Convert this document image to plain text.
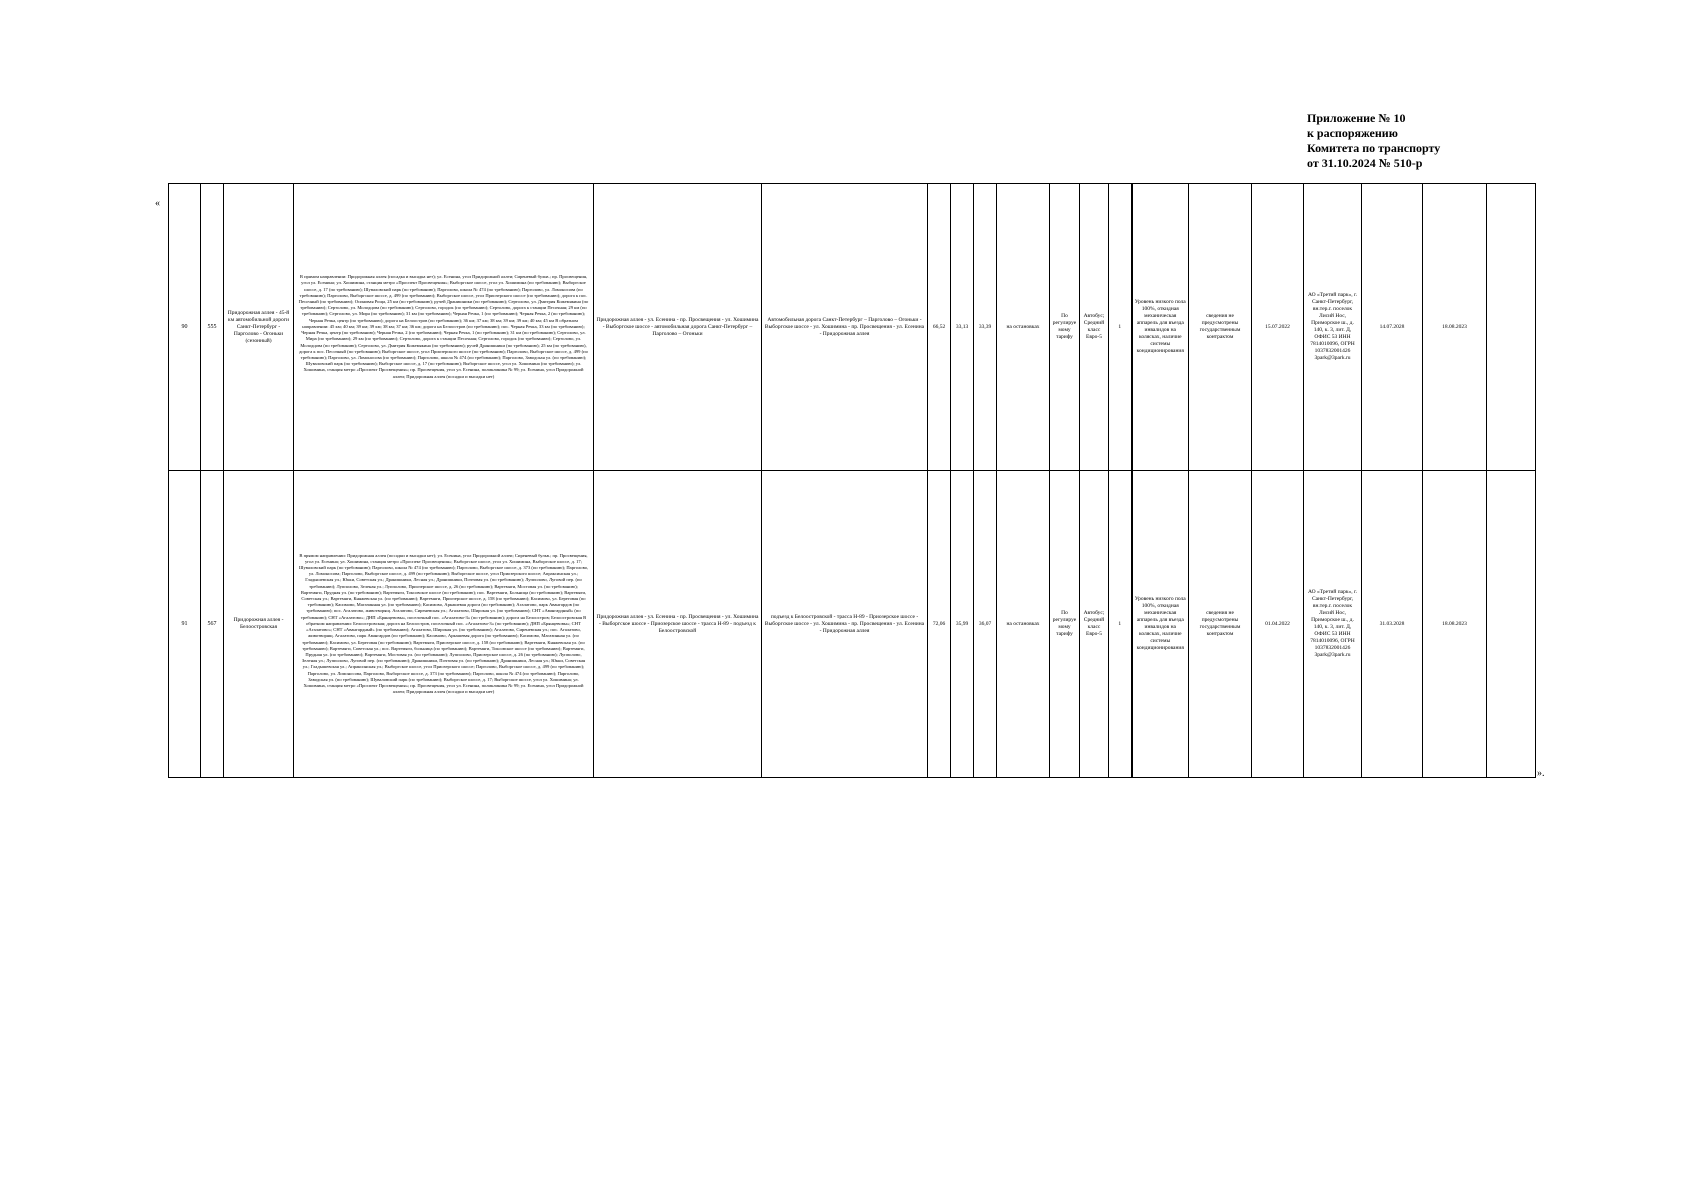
Приложение № 10
к распоряжению
Комитета по транспорту
от 31.10.2024 № 510-р
«
90	555	Придорожная аллея - 45-й км автомобильной дороги Санкт-Петербург - Парголово - Огоньки (сезонный)	В прямом направлении: Придорожная аллея (посадка и высадка нет); ул. Есенина, угол Придорожной аллеи; Сиреневый бульв.; пр. Просвещения, угол ул. Есенина; ул. Хошимина, станция метро «Проспект Просвещения»; Выборгское шоссе, угол ул. Хошимина (по требованию); Выборгское шоссе, д. 17 (по требованию); Шуваловский парк (по требованию); Парголово, школа № 474 (по требованию); Парголово, ул. Ломоносова (по требованию); Парголово, Выборгское шоссе, д. 499 (по требованию); Выборгское шоссе, угол Приозерского шоссе (по требованию); дорога к пос. Песочный (по требованию); Осиновая Роща, 25 км (по требованию); ручей Дранишники (по требованию); Сертолово, ул. Дмитрия Кожемякина (по требованию); Сертолово, ул. Молодцова (по требованию); Сертолово, городок (по требованию); Сертолово, дорога к станции Песочная; 29 км (по требованию); Сертолово, ул. Мира (по требованию); 31 км (по требованию); Черная Речка, 1 (по требованию); Черная Речка, 2 (по требованию); Черная Речка, центр (по требованию); дорога на Белоостров (по требованию); 36 км; 37 км; 38 км; 39 км; 39 км; 40 км; 45 км В обратном направлении: 45 км; 40 км; 39 км; 39 км; 38 км; 37 км; 36 км; дорога на Белоостров (по требованию); пос. Черная Речка, 33 км (по требованию); Черная Речка, центр (по требованию); Черная Речка, 2 (по требованию); Черная Речка, 1 (по требованию); 31 км (по требованию); Сертолово, ул. Мира (по требованию); 29 км (по требованию); Сертолово, дорога к станции Песочная; Сертолово, городок (по требованию); Сертолово, ул. Молодцова (по требованию); Сертолово, ул. Дмитрия Кожемякина (по требованию); ручей Дранишники (по требованию); 25 км (по требованию), дорога к пос. Песочный (по требованию); Выборгское шоссе, угол Приозерского шоссе (по требованию); Парголово, Выборгское шоссе, д. 499 (по требованию); Парголово, ул. Ломоносова (по требованию); Парголово, школа № 474 (по требованию); Парголово, Заводская ул. (по требованию); Шуваловский парк (по требованию); Выборгское шоссе, д. 17 (по требованию); Выборгское шоссе, угол ул. Хошимина (по требованию); ул. Хошимина, станция метро «Проспект Просвещения»; пр. Просвещения, угол ул. Есенина, поликлиника № 99; ул. Есенина, угол Придорожной аллеи; Придорожная аллея (посадки и высадки нет)	Придорожная аллея - ул. Есенина - пр. Просвещения - ул. Хошимина - Выборгское шоссе - автомобильная дорога Санкт-Петербург – Парголово – Огоньки	Автомобильная дорога Санкт-Петербург – Парголово – Огоньки - Выборгское шоссе - ул. Хошимина - пр. Просвещения - ул. Есенина - Придорожная аллея	66,52	33,13	33,39	на остановках	По регулируемому тарифу	Автобус; Средний класс Евро-5	1	Уровень низкого пола 100%, откидная механическая аппарель для въезда инвалидов на колясках, наличие системы кондиционирования	сведения не предусмотрены государственным контрактом	15.07.2022	АО «Третий парк», г. Санкт-Петербург, вн.тер.г. поселок Лисий Нос, Приморское ш., д. 140, к. 3, лит. Д, ОФИС 53 ИНН 7814010096, ОГРН 1037832001426 3park@3park.ru	14.07.2028	18.08.2023	
91	567	Придорожная аллея - Белоостровская	В прямом направлении: Придорожная аллея (посадки и высадки нет); ул. Есенина, угол Придорожной аллеи; Сиреневый бульв.; пр. Просвещения, угол ул. Есенина; ул. Хошимина, станция метро «Проспект Просвещения»; Выборгское шоссе, угол ул. Хошимина, Выборгское шоссе, д. 17; Шуваловский парк (по требованию); Парголово, школа № 474 (по требованию); Парголово, Выборгское шоссе, д. 373 (по требованию); Парголово, ул. Ломоносова; Парголово, Выборгское шоссе, д. 499 (по требованию); Выборгское шоссе, угол Приозерского шоссе; Апраксинская ул.; Гладышевская ул.; Юкки, Советская ул.; Дранишники, Лесная ул.; Дранишники, Почтовая ул. (по требованию); Лупполово, Луговой пер. (по требованию); Лупполово, Зеленая ул.; Лупполово, Приозерское шоссе, д. 26 (по требованию); Вартемяги, Мостовая ул. (по требованию); Вартемяги, Прудная ул. (по требованию); Вартемяги, Токсовское шоссе (по требованию); пос. Вартемяги, Больница (по требованию); Вартемяги, Советская ул.; Вартемяги, Княжевская ул. (по требованию); Вартемяги, Приозерское шоссе, д. 158 (по требованию); Касимово, ул. Береговая (по требованию); Касимово, Магазинная ул. (по требованию); Касимово, Аркашевая дорога (по требованию); Агалатово, парк Авангардов (по требованию); пос. Агалатово, животворящ. Агалатово, Сиреневская ул.; Агалатово, Широкая ул. (по требованию); СНТ «Авангардный» (по требованию); СНТ «Агалатово»; ДНП «Брянцевовы», поселочный пос. «Агалатово-3» (по требованию); дорога на Белоостров; Белоостровская В обратном направлении: Белоостровская; дорога на Белоостров, поселочный пос. «Агалатово-3» (по требованию); ДНП «Брянцевовы»; СНТ «Агалатово»; СНТ «Авангардный» (по требованию); Агалатово, Широкая ул. (по требованию); Агалатово, Сиреневская ул.; пос. Агалатово, животворящ. Агалатово, парк Авангардов (по требованию); Касимово, Аркашевая дорога (по требованию); Касимово, Магазинная ул. (по требованию); Касимово, ул. Береговая (по требованию); Вартемяги, Приозерское шоссе, д. 158 (по требованию); Вартемяги, Княжевская ул. (по требованию); Вартемяги, Советская ул.; пос. Вартемяги, больница (по требованию); Вартемяги, Токсовское шоссе (по требованию); Вартемяги, Прудная ул. (по требованию); Вартемяги, Мостовая ул. (по требованию); Лупполово, Приозерское шоссе, д. 26 (по требованию); Лупполово, Зеленая ул.; Лупполово, Луговой пер. (по требованию); Дранишники, Почтовая ул. (по требованию); Дранишники, Лесная ул.; Юкки, Советская ул.; Гладышевская ул.; Апраксинская ул.; Выборгское шоссе, угол Приозерского шоссе; Парголово, Выборгское шоссе, д. 499 (по требованию); Парголово, ул. Ломоносова, Парголово, Выборгское шоссе, д. 373 (по требованию); Парголово, школа № 474 (по требованию); Парголово, Заводская ул. (по требованию); Шуваловский парк (по требованию); Выборгское шоссе, д. 17; Выборгское шоссе, угол ул. Хошимина; ул. Хошимина, станция метро «Проспект Просвещения»; пр. Просвещения, угол ул. Есенина, поликлиника № 99; ул. Есенина, угол Придорожной аллеи; Придорожная аллея (посадки и высадки нет)	Придорожная аллея - ул. Есенина - пр. Просвещения - ул. Хошимина - Выборгское шоссе - Приозерское шоссе - трасса Н-89 - подъезд к Белоостровской	подъезд к Белоостровской - трасса Н-89 - Приозерское шоссе - Выборгское шоссе - ул. Хошимина - пр. Просвещения - ул. Есенина - Придорожная аллея	72,06	35,99	36,07	на остановках	По регулируемому тарифу	Автобус; Средний класс Евро-5	1	Уровень низкого пола 100%, откидная механическая аппарель для въезда инвалидов на колясках, наличие системы кондиционирования	сведения не предусмотрены государственным контрактом	01.04.2022	АО «Третий парк», г. Санкт-Петербург, вн.тер.г. поселок Лисий Нос, Приморское ш., д. 140, к. 3, лит. Д, ОФИС 53 ИНН 7814010096, ОГРН 1037832001426 3park@3park.ru	31.03.2028	18.08.2023	
».
